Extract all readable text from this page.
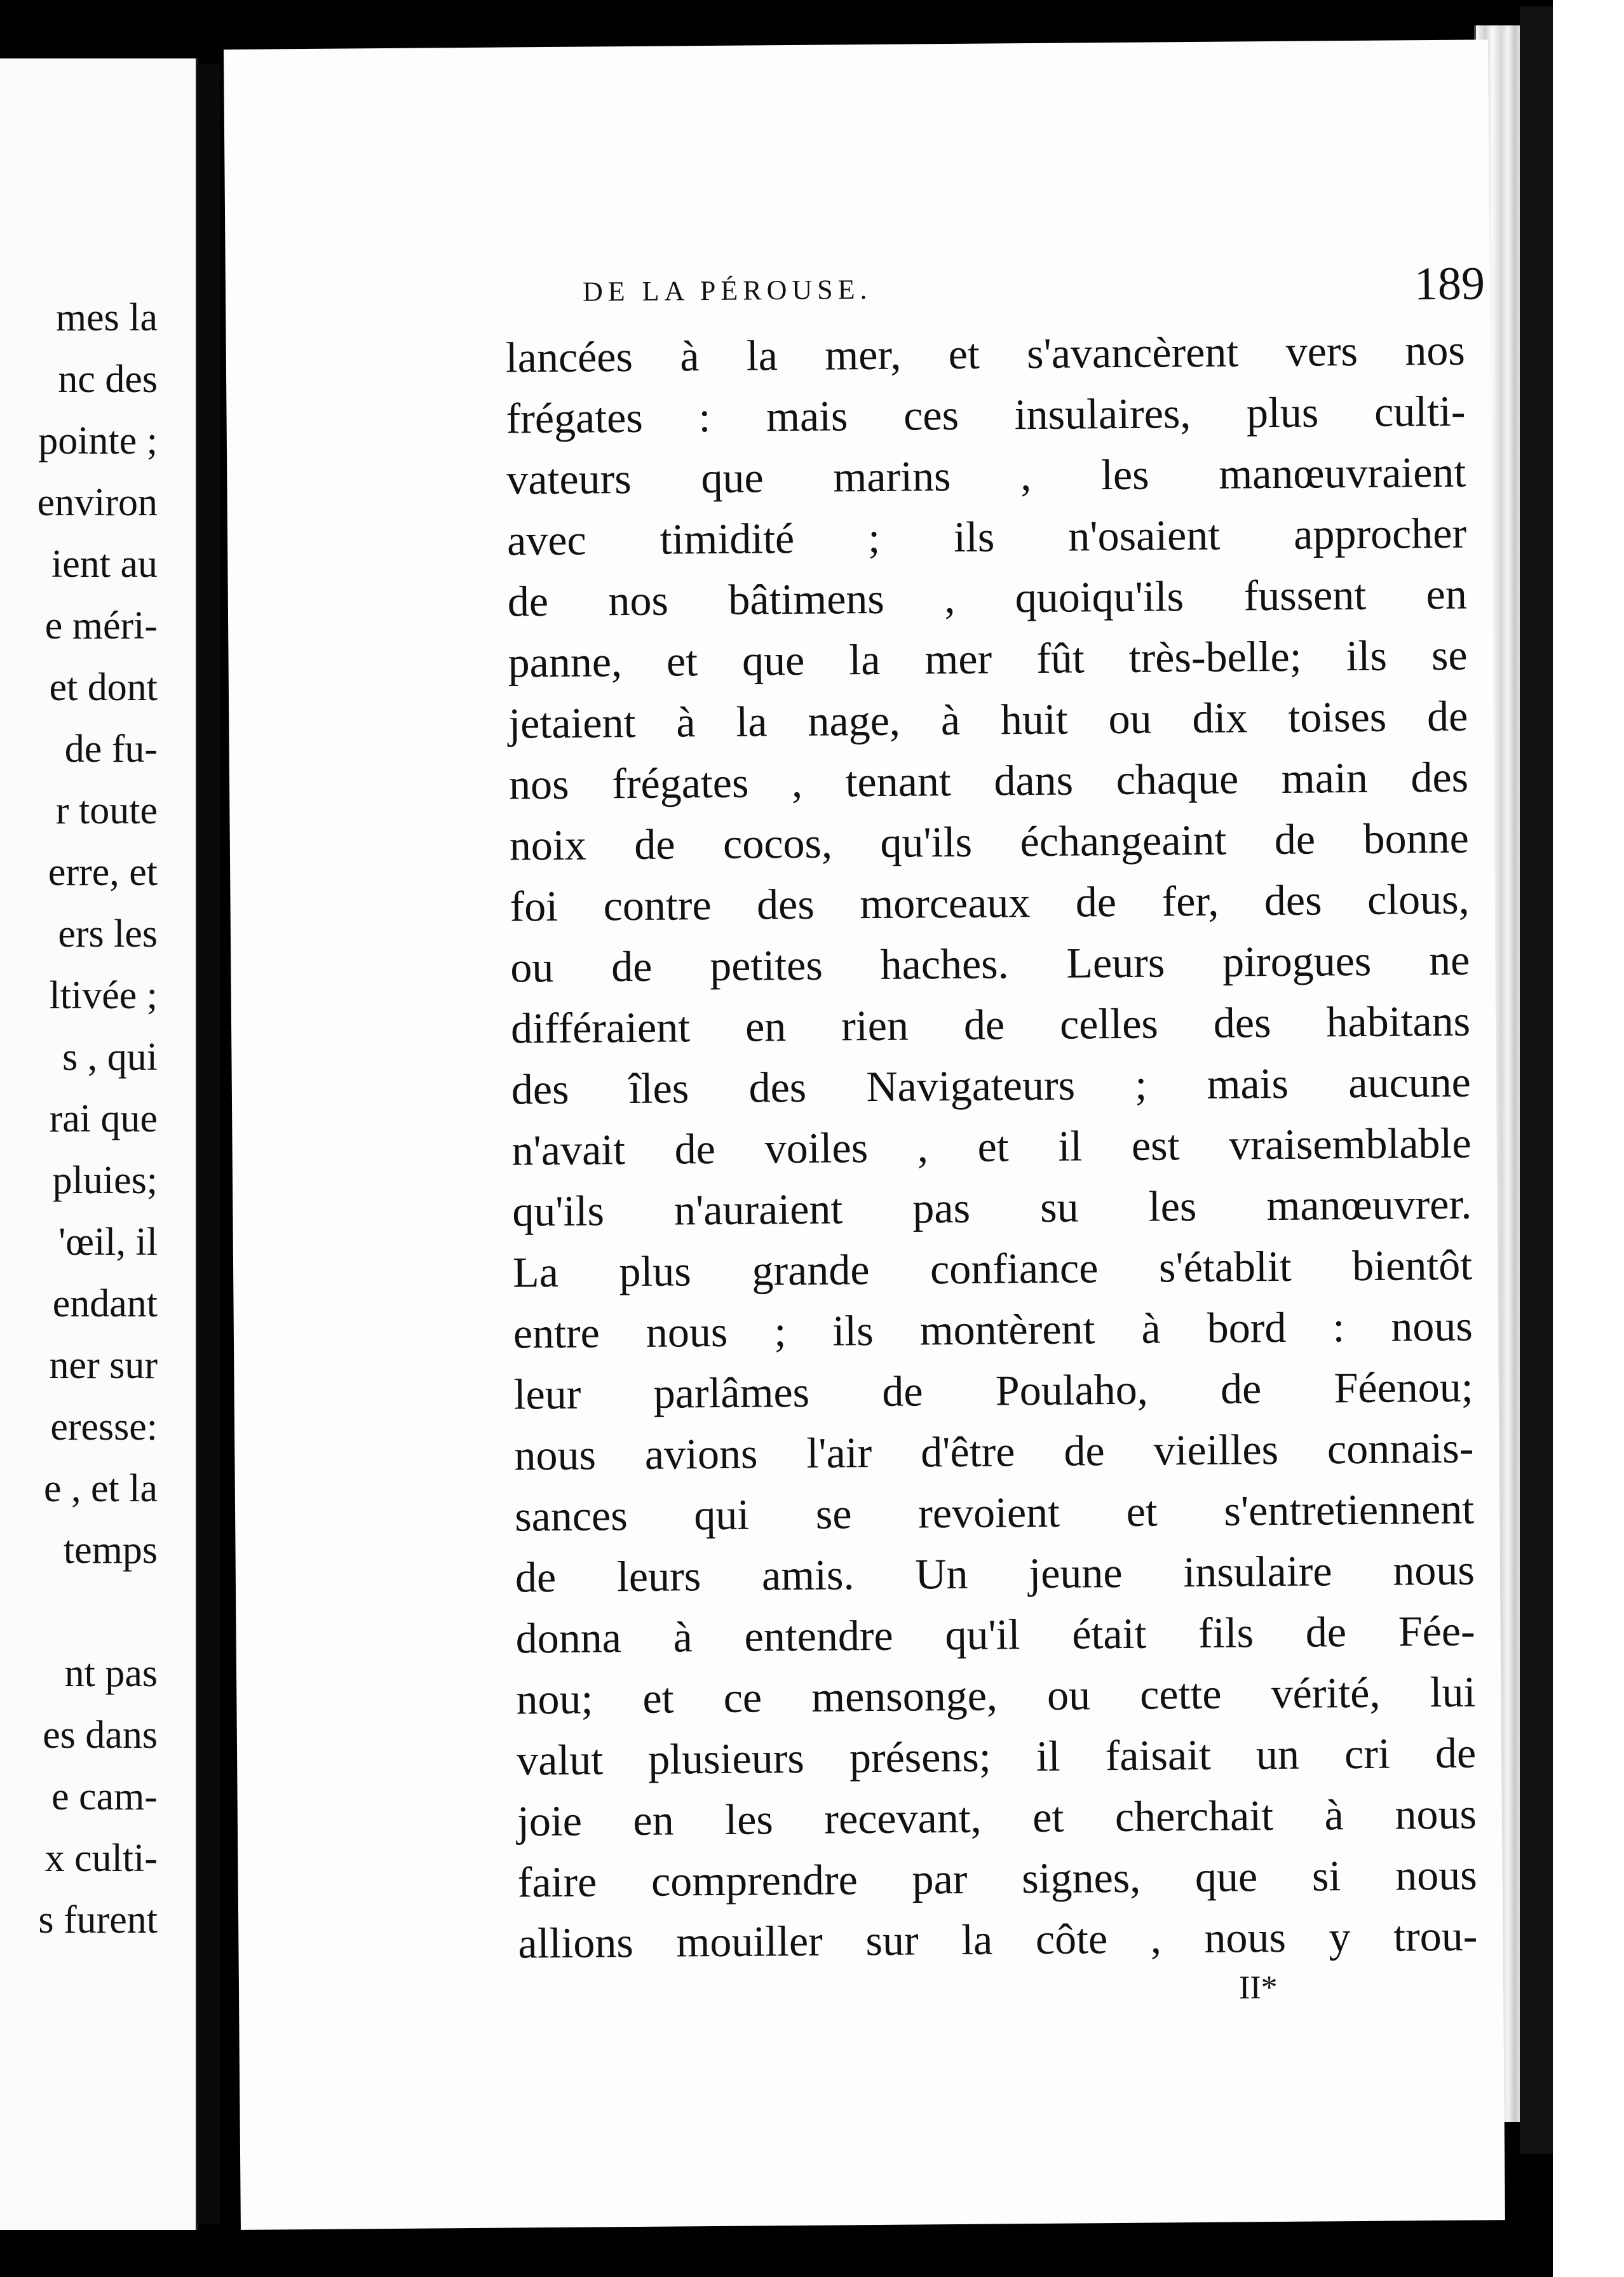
mes la
nc des
pointe ;
environ
ient au
e méri-
et dont
de fu-
r toute
erre, et
ers les
ltivée ;
s , qui
rai que
pluies;
'œil, il
endant
ner sur
eresse:
e , et la
temps
nt pas
es dans
e cam-
x culti-
s furent
DE LA PÉROUSE.	189
lancées à la mer, et s'avancèrent vers nos
frégates : mais ces insulaires, plus culti-
vateurs que marins , les manœuvraient
avec timidité ; ils n'osaient approcher
de nos bâtimens , quoiqu'ils fussent en
panne, et que la mer fût très-belle; ils se
jetaient à la nage, à huit ou dix toises de
nos frégates , tenant dans chaque main des
noix de cocos, qu'ils échangeaint de bonne
foi contre des morceaux de fer, des clous,
ou de petites haches. Leurs pirogues ne
différaient en rien de celles des habitans
des îles des Navigateurs ; mais aucune
n'avait de voiles , et il est vraisemblable
qu'ils n'auraient pas su les manœuvrer.
La plus grande confiance s'établit bientôt
entre nous ; ils montèrent à bord : nous
leur parlâmes de Poulaho, de Féenou;
nous avions l'air d'être de vieilles connais-
sances qui se revoient et s'entretiennent
de leurs amis. Un jeune insulaire nous
donna à entendre qu'il était fils de Fée-
nou; et ce mensonge, ou cette vérité, lui
valut plusieurs présens; il faisait un cri de
joie en les recevant, et cherchait à nous
faire comprendre par signes, que si nous
allions mouiller sur la côte , nous y trou-
II*
